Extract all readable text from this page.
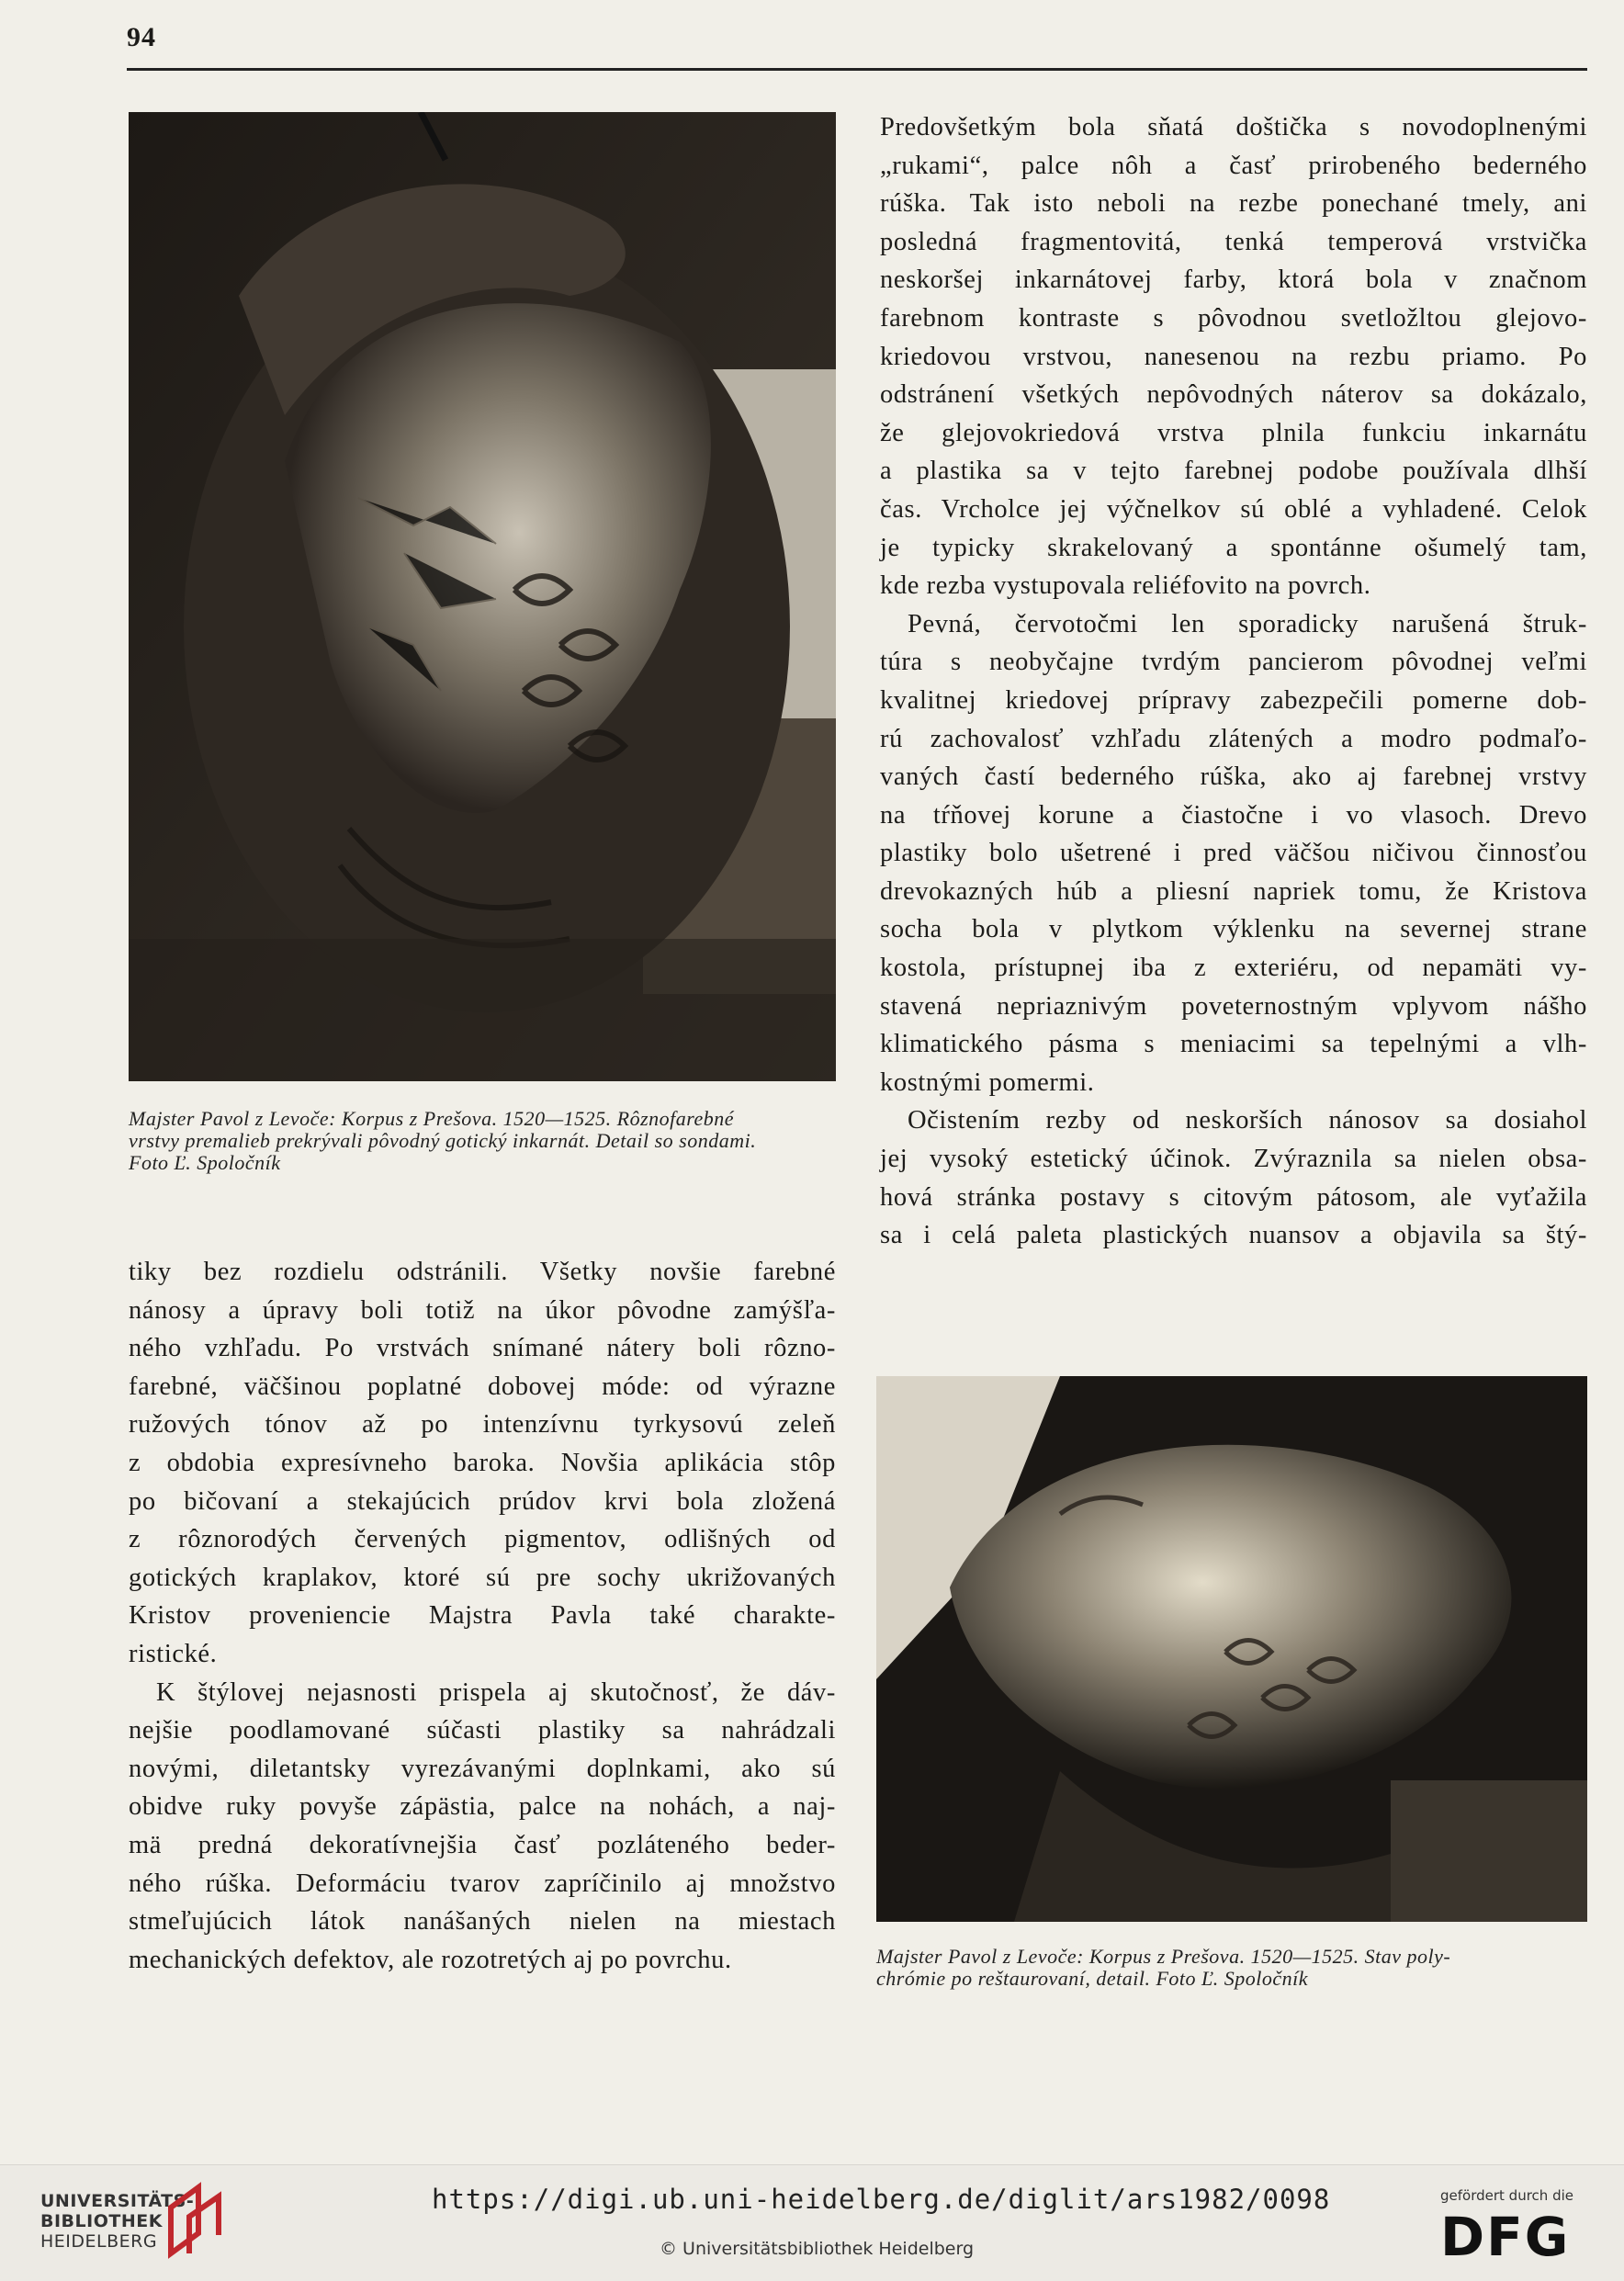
94
Majster Pavol z Levoče: Korpus z Prešova. 1520—1525. Rôznofarebné
vrstvy premalieb prekrývali pôvodný gotický inkarnát. Detail so sondami.
Foto Ľ. Spoločník
Predovšetkým bola sňatá doštička s novodoplnenými
„rukami“, palce nôh a časť prirobeného bederného
rúška. Tak isto neboli na rezbe ponechané tmely, ani
posledná fragmentovitá, tenká temperová vrstvička
neskoršej inkarnátovej farby, ktorá bola v značnom
farebnom kontraste s pôvodnou svetložltou glejovo-
kriedovou vrstvou, nanesenou na rezbu priamo. Po
odstránení všetkých nepôvodných náterov sa dokázalo,
že glejovokriedová vrstva plnila funkciu inkarnátu
a plastika sa v tejto farebnej podobe používala dlhší
čas. Vrcholce jej výčnelkov sú oblé a vyhladené. Celok
je typicky skrakelovaný a spontánne ošumelý tam,
kde rezba vystupovala reliéfovito na povrch.
Pevná, červotočmi len sporadicky narušená štruk-
túra s neobyčajne tvrdým pancierom pôvodnej veľmi
kvalitnej kriedovej prípravy zabezpečili pomerne dob-
rú zachovalosť vzhľadu zlátených a modro podmaľo-
vaných častí bederného rúška, ako aj farebnej vrstvy
na tŕňovej korune a čiastočne i vo vlasoch. Drevo
plastiky bolo ušetrené i pred väčšou ničivou činnosťou
drevokazných húb a pliesní napriek tomu, že Kristova
socha bola v plytkom výklenku na severnej strane
kostola, prístupnej iba z exteriéru, od nepamäti vy-
stavená nepriaznivým poveternostným vplyvom nášho
klimatického pásma s meniacimi sa tepelnými a vlh-
kostnými pomermi.
Očistením rezby od neskorších nánosov sa dosiahol
jej vysoký estetický účinok. Zvýraznila sa nielen obsa-
hová stránka postavy s citovým pátosom, ale vyťažila
sa i celá paleta plastických nuansov a objavila sa štý-
tiky bez rozdielu odstránili. Všetky novšie farebné
nánosy a úpravy boli totiž na úkor pôvodne zamýšľa-
ného vzhľadu. Po vrstvách snímané nátery boli rôzno-
farebné, väčšinou poplatné dobovej móde: od výrazne
ružových tónov až po intenzívnu tyrkysovú zeleň
z obdobia expresívneho baroka. Novšia aplikácia stôp
po bičovaní a stekajúcich prúdov krvi bola zložená
z rôznorodých červených pigmentov, odlišných od
gotických kraplakov, ktoré sú pre sochy ukrižovaných
Kristov proveniencie Majstra Pavla také charakte-
ristické.
K štýlovej nejasnosti prispela aj skutočnosť, že dáv-
nejšie poodlamované súčasti plastiky sa nahrádzali
novými, diletantsky vyrezávanými doplnkami, ako sú
obidve ruky povyše zápästia, palce na nohách, a naj-
mä predná dekoratívnejšia časť pozláteného beder-
ného rúška. Deformáciu tvarov zapríčinilo aj množstvo
stmeľujúcich látok nanášaných nielen na miestach
mechanických defektov, ale rozotretých aj po povrchu.	Majster Pavol z Levoče: Korpus z Prešova. 1520—1525. Stav poly-
chrómie po reštaurovaní, detail. Foto Ľ. Spoločník
UNIVERSITÄTS-
BIBLIOTHEK
HEIDELBERG
https://digi.ub.uni-heidelberg.de/diglit/ars1982/0098
© Universitätsbibliothek Heidelberg
gefördert durch die
DFG
